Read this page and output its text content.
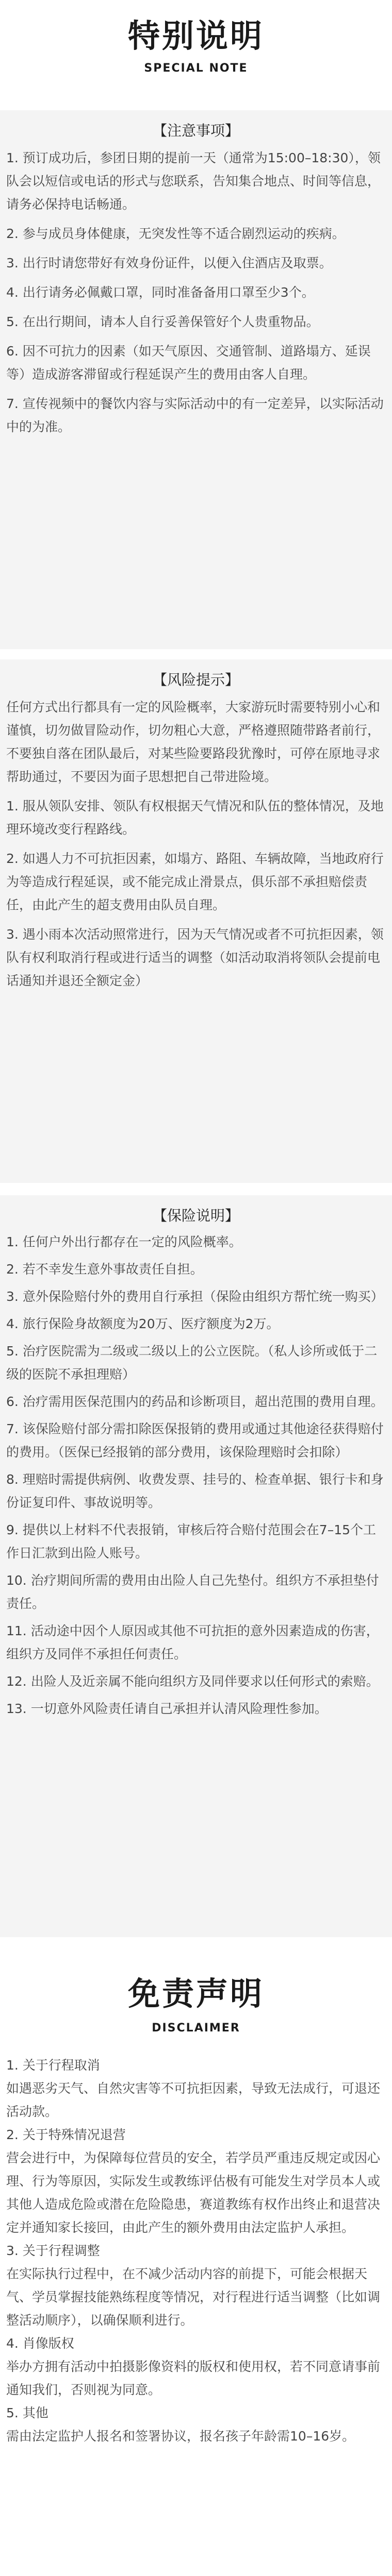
特别说明
SPECIAL NOTE
【注意事项】

1. 预订成功后，参团日期的提前一天（通常为15:00–18:30），领队会以短信或电话的形式与您联系，告知集合地点、时间等信息，请务必保持电话畅通。

2. 参与成员身体健康，无突发性等不适合剧烈运动的疾病。

3. 出行时请您带好有效身份证件，以便入住酒店及取票。

4. 出行请务必佩戴口罩，同时准备备用口罩至少3个。

5. 在出行期间，请本人自行妥善保管好个人贵重物品。

6. 因不可抗力的因素（如天气原因、交通管制、道路塌方、延误等）造成游客滞留或行程延误产生的费用由客人自理。

7. 宣传视频中的餐饮内容与实际活动中的有一定差异，以实际活动中的为准。

【风险提示】

任何方式出行都具有一定的风险概率，大家游玩时需要特别小心和谨慎，切勿做冒险动作，切勿粗心大意，严格遵照随带路者前行，不要独自落在团队最后，对某些险要路段犹豫时，可停在原地寻求帮助通过，不要因为面子思想把自己带进险境。

1. 服从领队安排、领队有权根据天气情况和队伍的整体情况，及地理环境改变行程路线。

2. 如遇人力不可抗拒因素，如塌方、路阻、车辆故障，当地政府行为等造成行程延误，或不能完成止滑景点，俱乐部不承担赔偿责任，由此产生的超支费用由队员自理。

3. 遇小雨本次活动照常进行，因为天气情况或者不可抗拒因素，领队有权利取消行程或进行适当的调整（如活动取消将领队会提前电话通知并退还全额定金）

【保险说明】

1. 任何户外出行都存在一定的风险概率。

2. 若不幸发生意外事故责任自担。

3. 意外保险赔付外的费用自行承担（保险由组织方帮忙统一购买）

4. 旅行保险身故额度为20万、医疗额度为2万。

5. 治疗医院需为二级或二级以上的公立医院。（私人诊所或低于二级的医院不承担理赔）

6. 治疗需用医保范围内的药品和诊断项目，超出范围的费用自理。

7. 该保险赔付部分需扣除医保报销的费用或通过其他途径获得赔付的费用。（医保已经报销的部分费用，该保险理赔时会扣除）

8. 理赔时需提供病例、收费发票、挂号的、检查单据、银行卡和身份证复印件、事故说明等。

9. 提供以上材料不代表报销，审核后符合赔付范围会在7–15个工作日汇款到出险人账号。

10. 治疗期间所需的费用由出险人自己先垫付。组织方不承担垫付责任。

11. 活动途中因个人原因或其他不可抗拒的意外因素造成的伤害，组织方及同伴不承担任何责任。

12. 出险人及近亲属不能向组织方及同伴要求以任何形式的索赔。

13. 一切意外风险责任请自己承担并认清风险理性参加。

免责声明
DISCLAIMER

1. 关于行程取消

如遇恶劣天气、自然灾害等不可抗拒因素，导致无法成行，可退还活动款。

2. 关于特殊情况退营

营会进行中，为保障每位营员的安全，若学员严重违反规定或因心理、行为等原因，实际发生或教练评估极有可能发生对学员本人或其他人造成危险或潜在危险隐患，赛道教练有权作出终止和退营决定并通知家长接回，由此产生的额外费用由法定监护人承担。

3. 关于行程调整

在实际执行过程中，在不减少活动内容的前提下，可能会根据天气、学员掌握技能熟练程度等情况，对行程进行适当调整（比如调整活动顺序），以确保顺利进行。

4. 肖像版权

举办方拥有活动中拍摄影像资料的版权和使用权，若不同意请事前通知我们，否则视为同意。

5. 其他

需由法定监护人报名和签署协议，报名孩子年龄需10–16岁。
